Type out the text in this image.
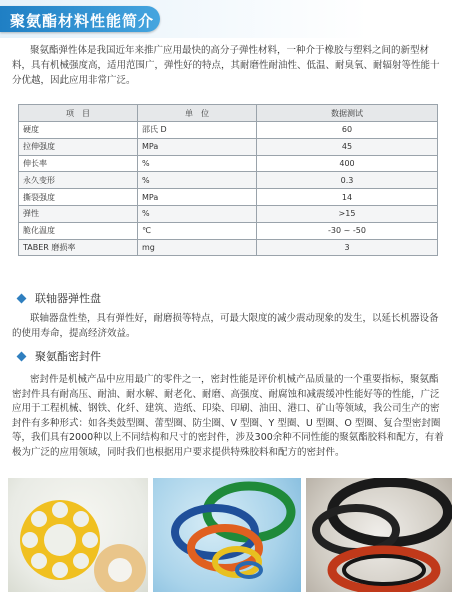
聚氨酯材料性能简介

聚氨酯弹性体是我国近年来推广应用最快的高分子弹性材料，一种介于橡胶与塑料之间的新型材料，具有机械强度高，适用范围广，弹性好的特点，其耐磨性耐油性、低温、耐臭氧、耐辐射等性能十分优越，因此应用非常广泛。

项　目	单　位	数据测试
硬度	邵氏 D	60
拉伸强度	MPa	45
伸长率	%	400
永久变形	%	0.3
撕裂强度	MPa	14
弹性	%	>15
脆化温度	℃	-30 ~ -50
TABER 磨损率	mg	3
联轴器弹性盘

联轴器盘性垫，具有弹性好，耐磨损等特点，可最大限度的减少震动现象的发生，以延长机器设备的使用寿命，提高经济效益。

聚氨酯密封件

密封件是机械产品中应用最广的零件之一，密封性能是评价机械产品质量的一个重要指标，聚氨酯密封件具有耐高压、耐油、耐水解、耐老化、耐磨、高强度、耐腐蚀和减震缓冲性能好等的性能，广泛应用于工程机械、钢铁、化纤、建筑、造纸、印染、印刷、油田、港口、矿山等领域，我公司生产的密封件有多种形式：如各类鼓型圈、蕾型圈、防尘圈、V 型圈、Y 型圈、U 型圈、O 型圈、复合型密封圈等，我们具有2000种以上不同结构和尺寸的密封件，涉及300余种不同性能的聚氨酯胶料和配方，有着极为广泛的应用领域，同时我们也根据用户要求提供特殊胶料和配方的密封件。
